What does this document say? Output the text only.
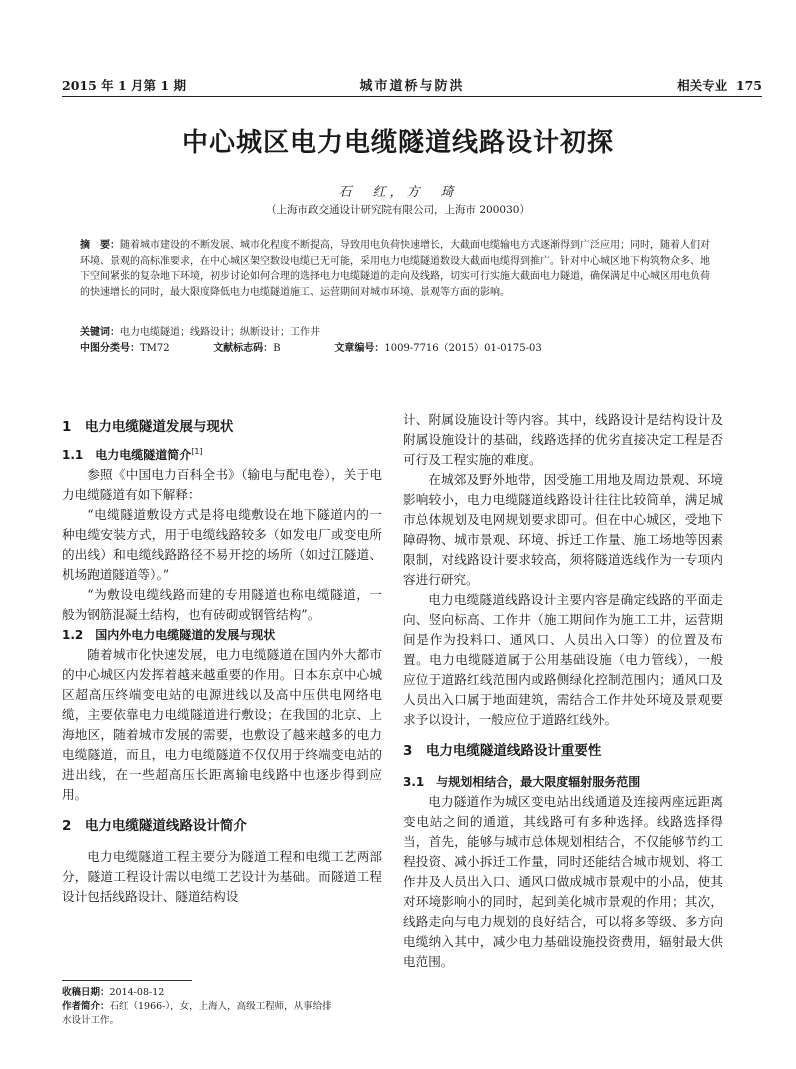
2015 年 1 月第 1 期	城市道桥与防洪	相关专业 175
中心城区电力电缆隧道线路设计初探
石　红，方　琦
（上海市政交通设计研究院有限公司，上海市 200030）
摘　要：随着城市建设的不断发展、城市化程度不断提高，导致用电负荷快速增长，大截面电缆输电方式逐渐得到广泛应用；同时，随着人们对环境、景观的高标准要求，在中心城区架空数设电缆已无可能，采用电力电缆隧道数设大截面电缆得到推广。针对中心城区地下构筑物众多、地下空间紧张的复杂地下环境，初步讨论如何合理的选择电力电缆隧道的走向及线路，切实可行实施大截面电力隧道，确保满足中心城区用电负荷的快速增长的同时，最大限度降低电力电缆隧道施工、运营期间对城市环境、景观等方面的影响。
关键词：电力电缆隧道；线路设计；纵断设计；工作井
中图分类号：TM72	文献标志码：B	文章编号：1009-7716（2015）01-0175-03
1　电力电缆隧道发展与现状
1.1　电力电缆隧道简介[1]

参照《中国电力百科全书》（输电与配电卷），关于电力电缆隧道有如下解释：

“电缆隧道敷设方式是将电缆敷设在地下隧道内的一种电缆安装方式，用于电缆线路较多（如发电厂或变电所的出线）和电缆线路路径不易开挖的场所（如过江隧道、机场跑道隧道等）。”

“为敷设电缆线路而建的专用隧道也称电缆隧道，一般为钢筋混凝土结构，也有砖砌或钢管结构”。

1.2　国内外电力电缆隧道的发展与现状

随着城市化快速发展，电力电缆隧道在国内外大都市的中心城区内发挥着越来越重要的作用。日本东京中心城区超高压终端变电站的电源进线以及高中压供电网络电缆，主要依靠电力电缆隧道进行敷设；在我国的北京、上海地区，随着城市发展的需要，也敷设了越来越多的电力电缆隧道，而且，电力电缆隧道不仅仅用于终端变电站的进出线，在一些超高压长距离输电线路中也逐步得到应用。

2　电力电缆隧道线路设计简介

电力电缆隧道工程主要分为隧道工程和电缆工艺两部分，隧道工程设计需以电缆工艺设计为基础。而隧道工程设计包括线路设计、隧道结构设

计、附属设施设计等内容。其中，线路设计是结构设计及附属设施设计的基础，线路选择的优劣直接决定工程是否可行及工程实施的难度。

在城郊及野外地带，因受施工用地及周边景观、环境影响较小，电力电缆隧道线路设计往往比较简单，满足城市总体规划及电网规划要求即可。但在中心城区，受地下障碍物、城市景观、环境、拆迁工作量、施工场地等因素限制，对线路设计要求较高，须将隧道选线作为一专项内容进行研究。

电力电缆隧道线路设计主要内容是确定线路的平面走向、竖向标高、工作井（施工期间作为施工工井，运营期间是作为投料口、通风口、人员出入口等）的位置及布置。电力电缆隧道属于公用基础设施（电力管线），一般应位于道路红线范围内或路侧绿化控制范围内；通风口及人员出入口属于地面建筑，需结合工作井处环境及景观要求予以设计，一般应位于道路红线外。

3　电力电缆隧道线路设计重要性
3.1　与规划相结合，最大限度辐射服务范围

电力隧道作为城区变电站出线通道及连接两座远距离变电站之间的通道，其线路可有多种选择。线路选择得当，首先，能够与城市总体规划相结合，不仅能够节约工程投资、减小拆迁工作量，同时还能结合城市规划、将工作井及人员出入口、通风口做成城市景观中的小品，使其对环境影响小的同时，起到美化城市景观的作用；其次，线路走向与电力规划的良好结合，可以将多等级、多方向电缆纳入其中，减少电力基础设施投资费用，辐射最大供电范围。

收稿日期：2014-08-12
作者简介：石红（1966-），女，上海人，高级工程师，从事给排水设计工作。
